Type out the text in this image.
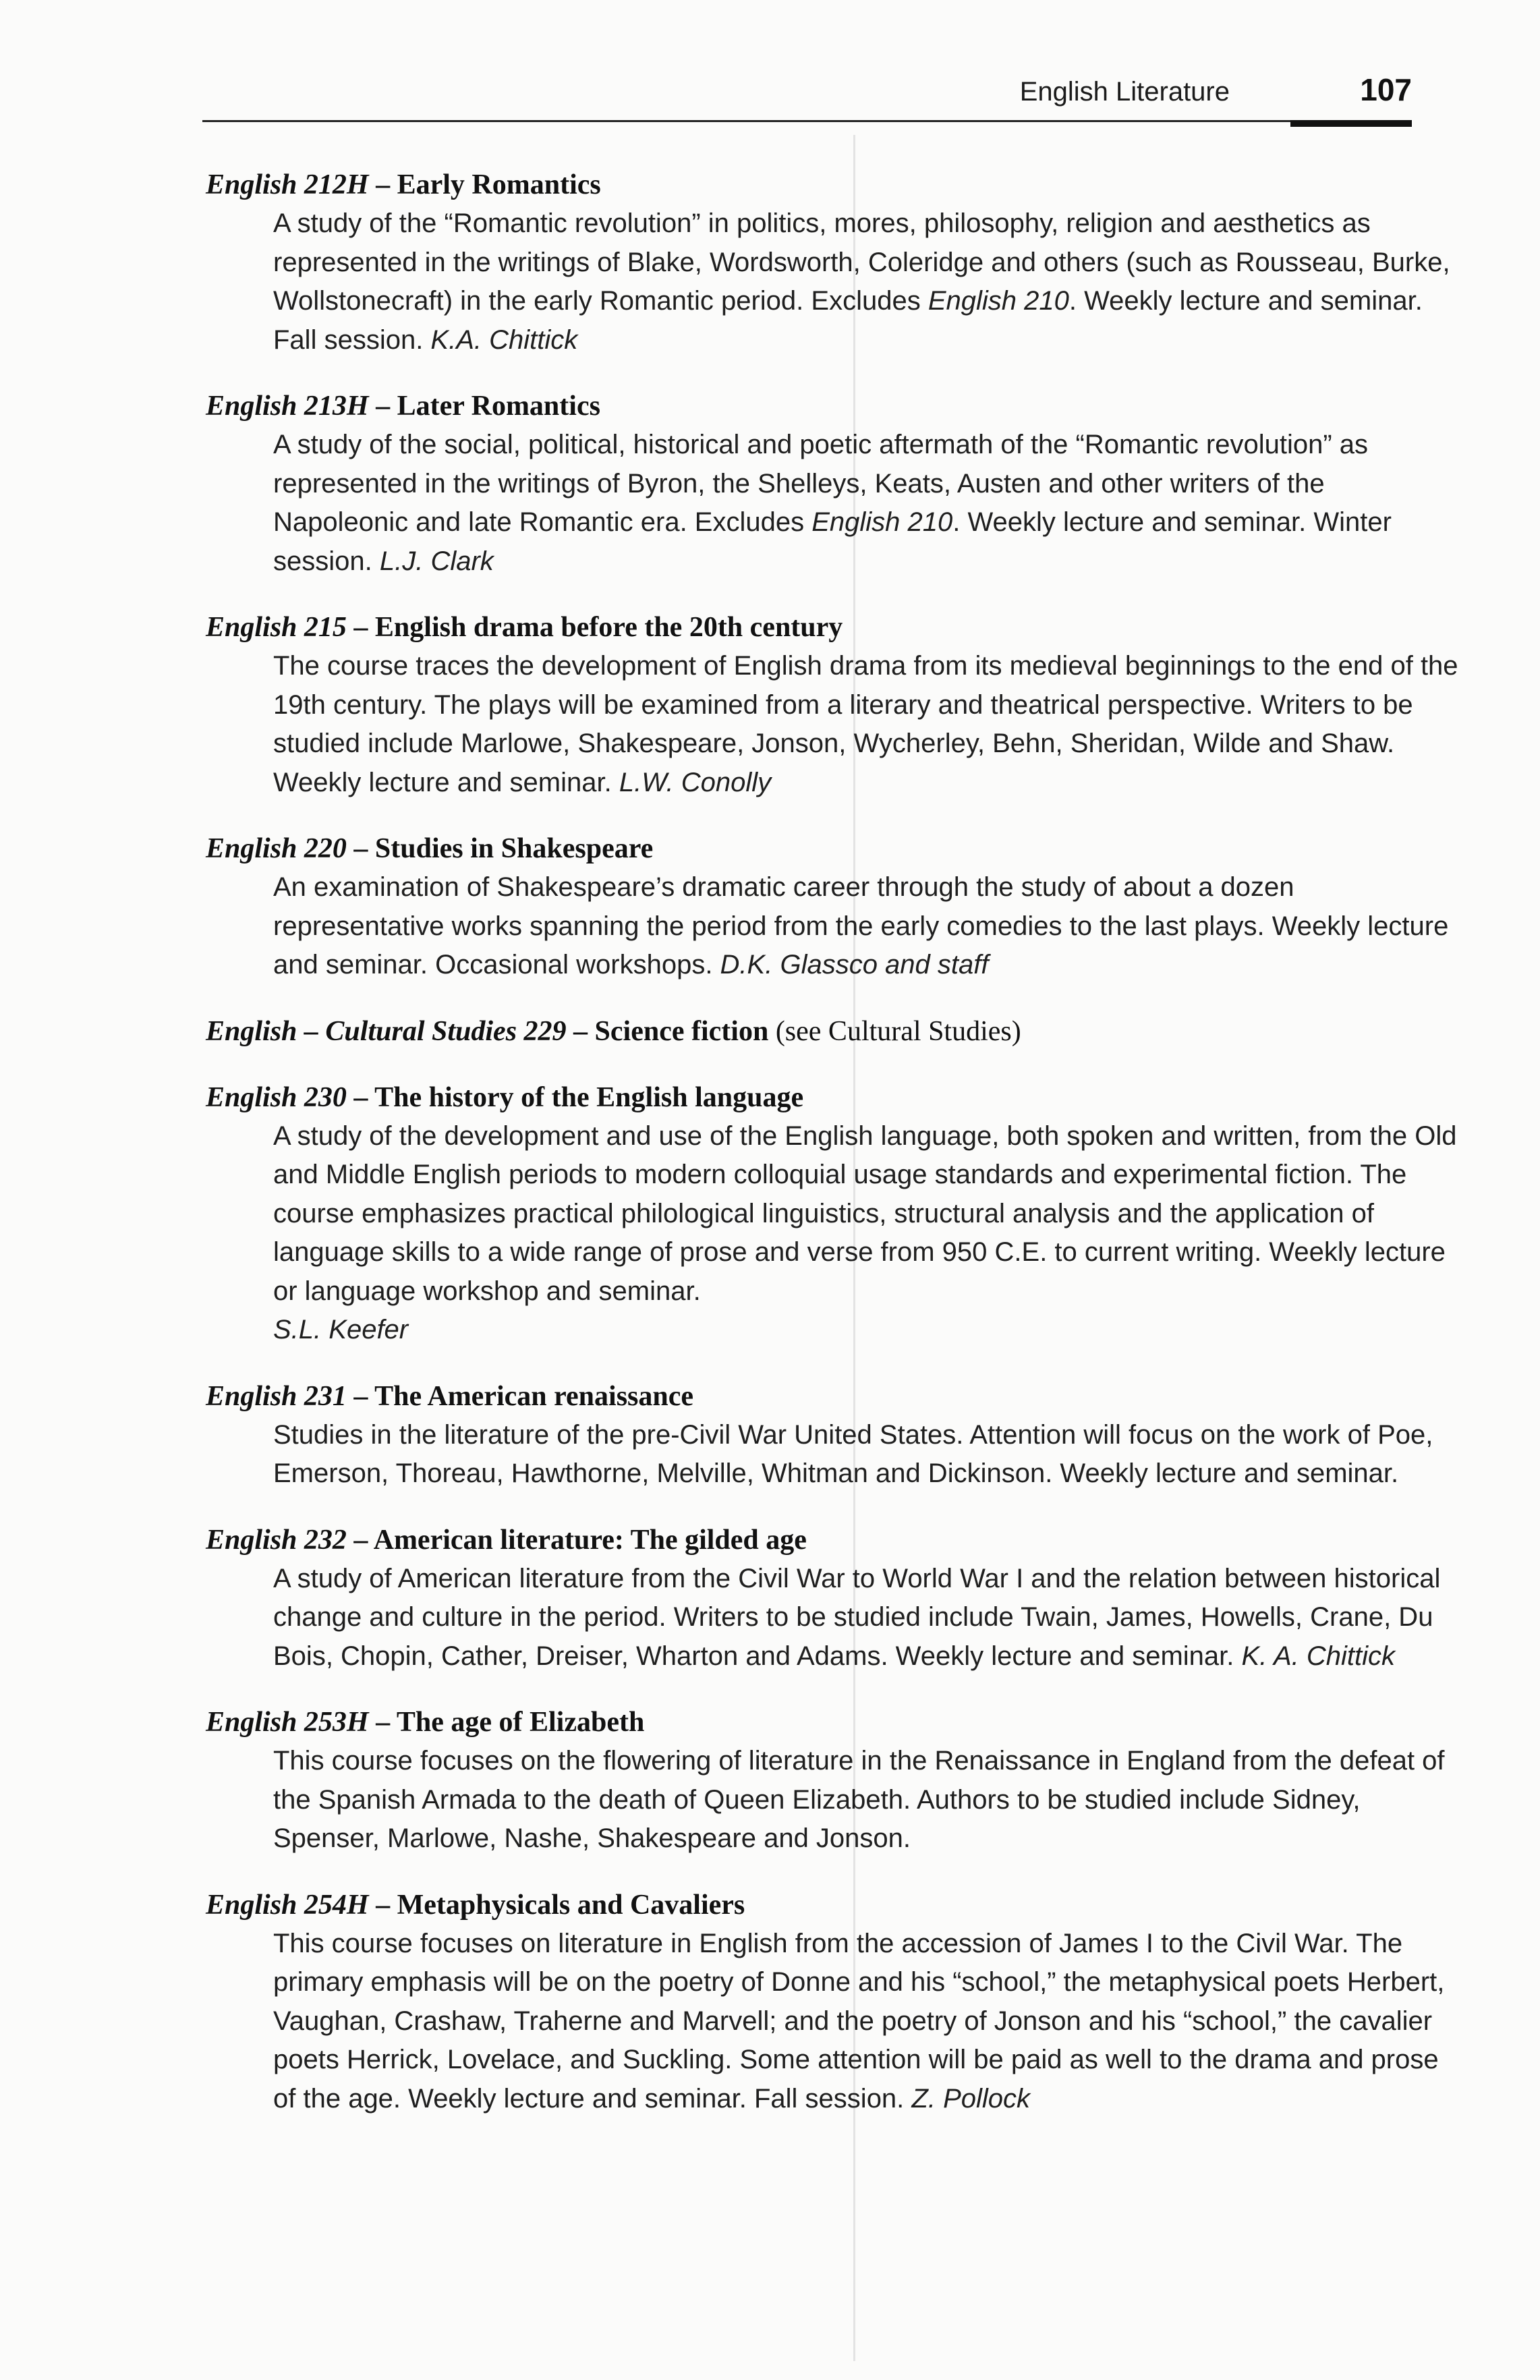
English Literature	107
English 212H – Early Romantics
A study of the “Romantic revolution” in politics, mores, philosophy, religion and aesthetics as represented in the writings of Blake, Wordsworth, Coleridge and others (such as Rousseau, Burke, Wollstonecraft) in the early Romantic period. Excludes English 210. Weekly lecture and seminar. Fall session. K.A. Chittick
English 213H – Later Romantics
A study of the social, political, historical and poetic aftermath of the “Romantic revolution” as represented in the writings of Byron, the Shelleys, Keats, Austen and other writers of the Napoleonic and late Romantic era. Excludes English 210. Weekly lecture and seminar. Winter session. L.J. Clark
English 215 – English drama before the 20th century
The course traces the development of English drama from its medieval beginnings to the end of the 19th century. The plays will be examined from a literary and theatrical perspective. Writers to be studied include Marlowe, Shakespeare, Jonson, Wycherley, Behn, Sheridan, Wilde and Shaw. Weekly lecture and seminar. L.W. Conolly
English 220 – Studies in Shakespeare
An examination of Shakespeare’s dramatic career through the study of about a dozen representative works spanning the period from the early comedies to the last plays. Weekly lecture and seminar. Occasional workshops. D.K. Glassco and staff
English – Cultural Studies 229 – Science fiction (see Cultural Studies)
English 230 – The history of the English language
A study of the development and use of the English language, both spoken and written, from the Old and Middle English periods to modern colloquial usage standards and experimental fiction. The course emphasizes practical philological linguistics, structural analysis and the application of language skills to a wide range of prose and verse from 950 C.E. to current writing. Weekly lecture or language workshop and seminar.
S.L. Keefer
English 231 – The American renaissance
Studies in the literature of the pre-Civil War United States. Attention will focus on the work of Poe, Emerson, Thoreau, Hawthorne, Melville, Whitman and Dickinson. Weekly lecture and seminar.
English 232 – American literature: The gilded age
A study of American literature from the Civil War to World War I and the relation between historical change and culture in the period. Writers to be studied include Twain, James, Howells, Crane, Du Bois, Chopin, Cather, Dreiser, Wharton and Adams. Weekly lecture and seminar. K. A. Chittick
English 253H – The age of Elizabeth
This course focuses on the flowering of literature in the Renaissance in England from the defeat of the Spanish Armada to the death of Queen Elizabeth. Authors to be studied include Sidney, Spenser, Marlowe, Nashe, Shakespeare and Jonson.
English 254H – Metaphysicals and Cavaliers
This course focuses on literature in English from the accession of James I to the Civil War. The primary emphasis will be on the poetry of Donne and his “school,” the metaphysical poets Herbert, Vaughan, Crashaw, Traherne and Marvell; and the poetry of Jonson and his “school,” the cavalier poets Herrick, Lovelace, and Suckling. Some attention will be paid as well to the drama and prose of the age. Weekly lecture and seminar. Fall session. Z. Pollock
